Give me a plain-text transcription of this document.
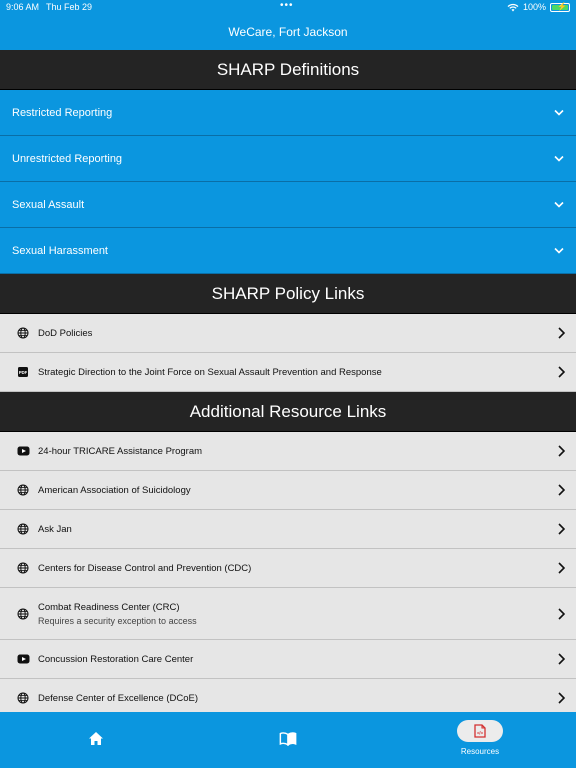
9:06 AM Thu Feb 29	•••	100% ⚡
WeCare, Fort Jackson
SHARP Definitions
Restricted Reporting
Unrestricted Reporting
Sexual Assault
Sexual Harassment
SHARP Policy Links
DoD Policies
PDF Strategic Direction to the Joint Force on Sexual Assault Prevention and Response
Additional Resource Links
24-hour TRICARE Assistance Program
American Association of Suicidology
Ask Jan
Centers for Disease Control and Prevention (CDC)
Combat Readiness Center (CRC)
Requires a security exception to access
Concussion Restoration Care Center
Defense Center of Excellence (DCoE)
</>
Resources
